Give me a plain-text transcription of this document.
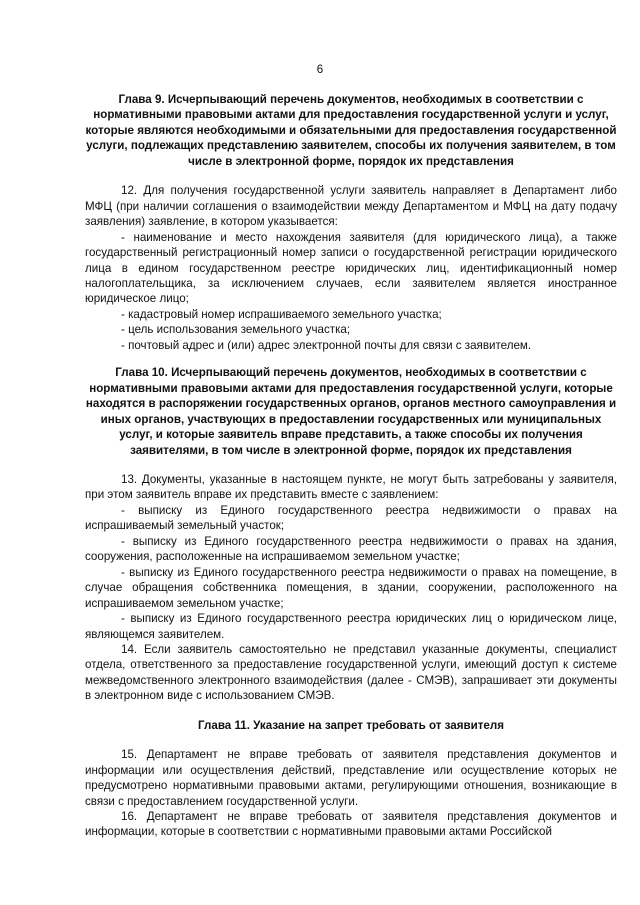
6
Глава 9. Исчерпывающий перечень документов, необходимых в соответствии с нормативными правовыми актами для предоставления государственной услуги и услуг, которые являются необходимыми и обязательными для предоставления государственной услуги, подлежащих представлению заявителем, способы их получения заявителем, в том числе в электронной форме, порядок их представления

12. Для получения государственной услуги заявитель направляет в Департамент либо МФЦ (при наличии соглашения о взаимодействии между Департаментом и МФЦ на дату подачу заявления) заявление, в котором указывается:

- наименование и место нахождения заявителя (для юридического лица), а также государственный регистрационный номер записи о государственной регистрации юридического лица в едином государственном реестре юридических лиц, идентификационный номер налогоплательщика, за исключением случаев, если заявителем является иностранное юридическое лицо;

- кадастровый номер испрашиваемого земельного участка;

- цель использования земельного участка;

- почтовый адрес и (или) адрес электронной почты для связи с заявителем.

Глава 10. Исчерпывающий перечень документов, необходимых в соответствии с нормативными правовыми актами для предоставления государственной услуги, которые находятся в распоряжении государственных органов, органов местного самоуправления и иных органов, участвующих в предоставлении государственных или муниципальных услуг, и которые заявитель вправе представить, а также способы их получения заявителями, в том числе в электронной форме, порядок их представления

13. Документы, указанные в настоящем пункте, не могут быть затребованы у заявителя, при этом заявитель вправе их представить вместе с заявлением:

- выписку из Единого государственного реестра недвижимости о правах на испрашиваемый земельный участок;

- выписку из Единого государственного реестра недвижимости о правах на здания, сооружения, расположенные на испрашиваемом земельном участке;

- выписку из Единого государственного реестра недвижимости о правах на помещение, в случае обращения собственника помещения, в здании, сооружении, расположенного на испрашиваемом земельном участке;

- выписку из Единого государственного реестра юридических лиц о юридическом лице, являющемся заявителем.

14. Если заявитель самостоятельно не представил указанные документы, специалист отдела, ответственного за предоставление государственной услуги, имеющий доступ к системе межведомственного электронного взаимодействия (далее - СМЭВ), запрашивает эти документы в электронном виде с использованием СМЭВ.

Глава 11. Указание на запрет требовать от заявителя

15. Департамент не вправе требовать от заявителя представления документов и информации или осуществления действий, представление или осуществление которых не предусмотрено нормативными правовыми актами, регулирующими отношения, возникающие в связи с предоставлением государственной услуги.

16. Департамент не вправе требовать от заявителя представления документов и информации, которые в соответствии с нормативными правовыми актами Российской
